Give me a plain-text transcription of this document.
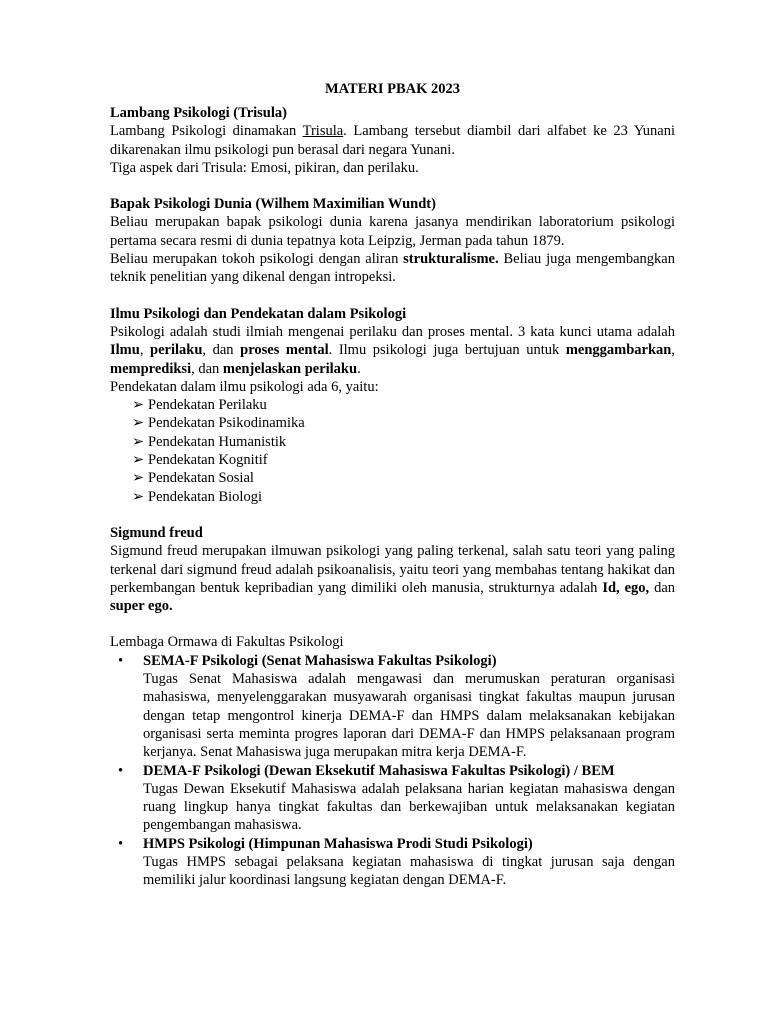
MATERI PBAK 2023

Lambang Psikologi (Trisula)

Lambang Psikologi dinamakan Trisula. Lambang tersebut diambil dari alfabet ke 23 Yunani dikarenakan ilmu psikologi pun berasal dari negara Yunani.

Tiga aspek dari Trisula: Emosi, pikiran, dan perilaku.

Bapak Psikologi Dunia (Wilhem Maximilian Wundt)

Beliau merupakan bapak psikologi dunia karena jasanya mendirikan laboratorium psikologi pertama secara resmi di dunia tepatnya kota Leipzig, Jerman pada tahun 1879.

Beliau merupakan tokoh psikologi dengan aliran strukturalisme. Beliau juga mengembangkan teknik penelitian yang dikenal dengan intropeksi.

Ilmu Psikologi dan Pendekatan dalam Psikologi

Psikologi adalah studi ilmiah mengenai perilaku dan proses mental. 3 kata kunci utama adalah Ilmu, perilaku, dan proses mental. Ilmu psikologi juga bertujuan untuk menggambarkan, memprediksi, dan menjelaskan perilaku.

Pendekatan dalam ilmu psikologi ada 6, yaitu:

➢ Pendekatan Perilaku
➢ Pendekatan Psikodinamika
➢ Pendekatan Humanistik
➢ Pendekatan Kognitif
➢ Pendekatan Sosial
➢ Pendekatan Biologi

Sigmund freud

Sigmund freud merupakan ilmuwan psikologi yang paling terkenal, salah satu teori yang paling terkenal dari sigmund freud adalah psikoanalisis, yaitu teori yang membahas tentang hakikat dan perkembangan bentuk kepribadian yang dimiliki oleh manusia, strukturnya adalah Id, ego, dan super ego.

Lembaga Ormawa di Fakultas Psikologi

• SEMA-F Psikologi (Senat Mahasiswa Fakultas Psikologi)

Tugas Senat Mahasiswa adalah mengawasi dan merumuskan peraturan organisasi mahasiswa, menyelenggarakan musyawarah organisasi tingkat fakultas maupun jurusan dengan tetap mengontrol kinerja DEMA-F dan HMPS dalam melaksanakan kebijakan organisasi serta meminta progres laporan dari DEMA-F dan HMPS pelaksanaan program kerjanya. Senat Mahasiswa juga merupakan mitra kerja DEMA-F.

• DEMA-F Psikologi (Dewan Eksekutif Mahasiswa Fakultas Psikologi) / BEM

Tugas Dewan Eksekutif Mahasiswa adalah pelaksana harian kegiatan mahasiswa dengan ruang lingkup hanya tingkat fakultas dan berkewajiban untuk melaksanakan kegiatan pengembangan mahasiswa.

• HMPS Psikologi (Himpunan Mahasiswa Prodi Studi Psikologi)

Tugas HMPS sebagai pelaksana kegiatan mahasiswa di tingkat jurusan saja dengan memiliki jalur koordinasi langsung kegiatan dengan DEMA-F.
